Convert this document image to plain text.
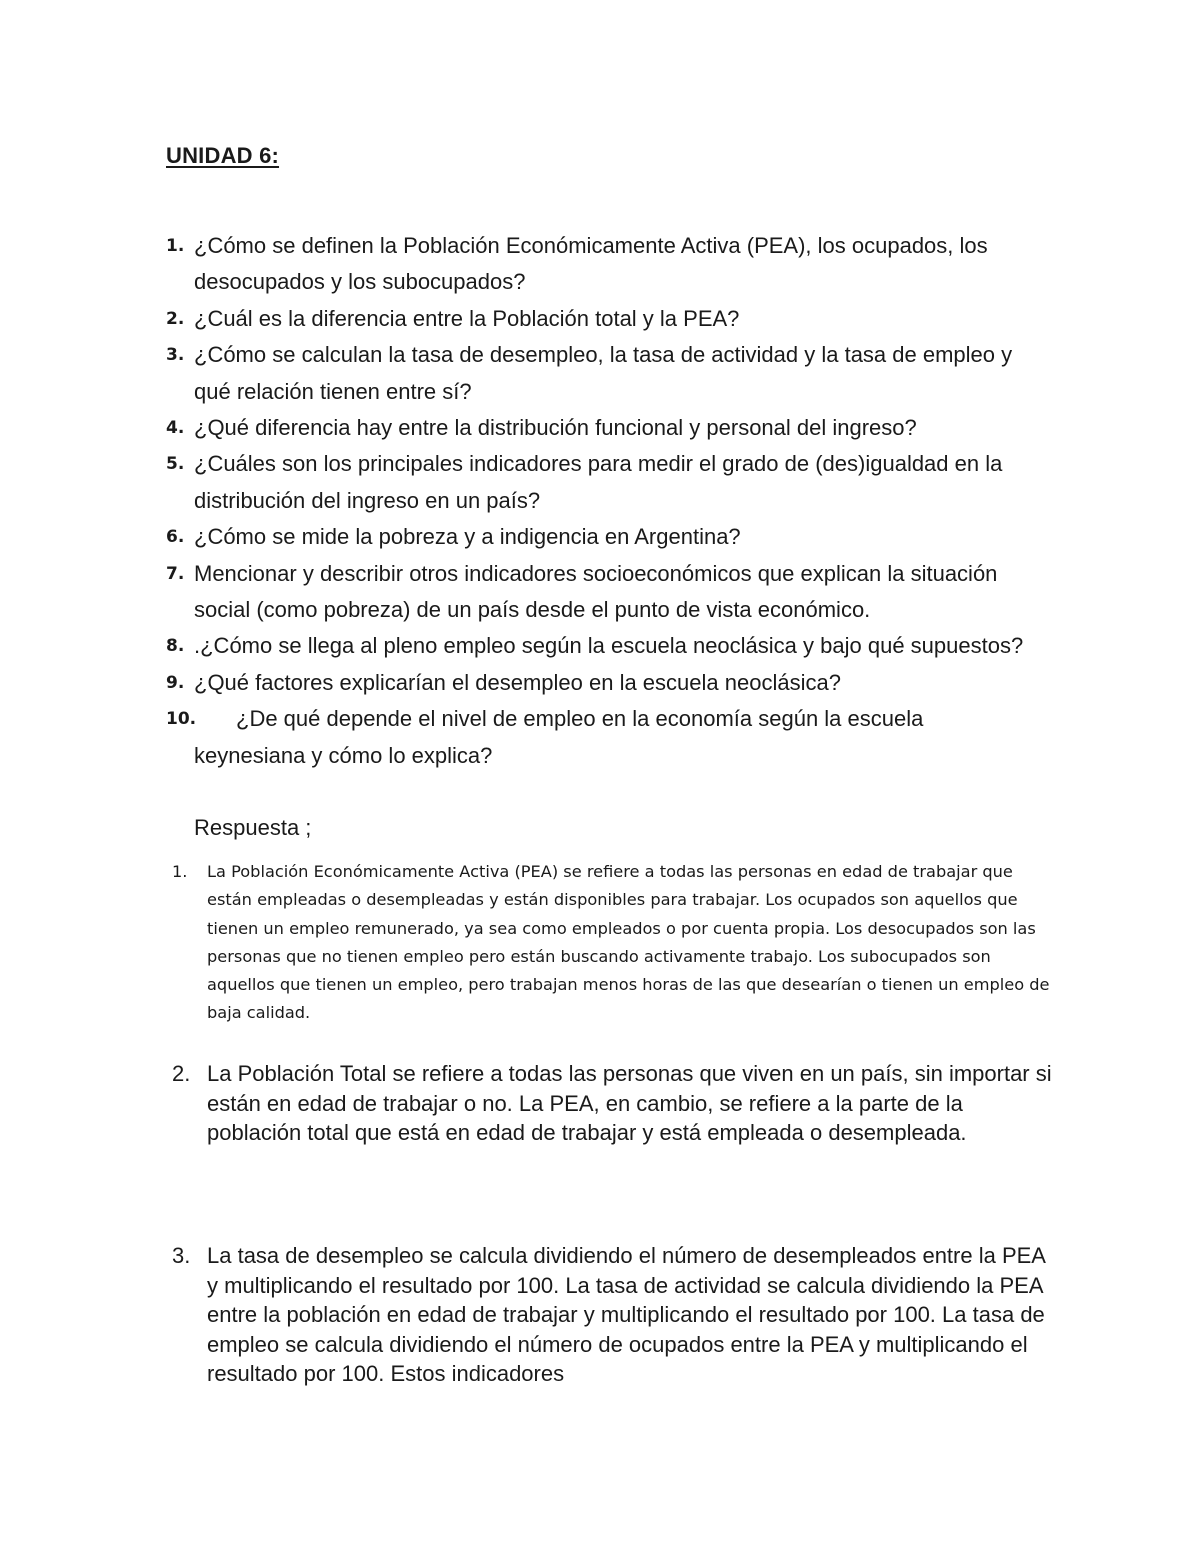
UNIDAD 6:
1. ¿Cómo se definen la Población Económicamente Activa (PEA), los ocupados, los desocupados y los subocupados?
2. ¿Cuál es la diferencia entre la Población total y la PEA?
3. ¿Cómo se calculan la tasa de desempleo, la tasa de actividad y la tasa de empleo y qué relación tienen entre sí?
4. ¿Qué diferencia hay entre la distribución funcional y personal del ingreso?
5. ¿Cuáles son los principales indicadores para medir el grado de (des)igualdad en la distribución del ingreso en un país?
6. ¿Cómo se mide la pobreza y a indigencia en Argentina?
7. Mencionar y describir otros indicadores socioeconómicos que explican la situación social (como pobreza) de un país desde el punto de vista económico.
8. .¿Cómo se llega al pleno empleo según la escuela neoclásica y bajo qué supuestos?
9. ¿Qué factores explicarían el desempleo en la escuela neoclásica?
10. ¿De qué depende el nivel de empleo en la economía según la escuela
keynesiana y cómo lo explica?
Respuesta ;
1. La Población Económicamente Activa (PEA) se refiere a todas las personas en edad de trabajar que están empleadas o desempleadas y están disponibles para trabajar. Los ocupados son aquellos que tienen un empleo remunerado, ya sea como empleados o por cuenta propia. Los desocupados son las personas que no tienen empleo pero están buscando activamente trabajo. Los subocupados son aquellos que tienen un empleo, pero trabajan menos horas de las que desearían o tienen un empleo de baja calidad.
2. La Población Total se refiere a todas las personas que viven en un país, sin importar si están en edad de trabajar o no. La PEA, en cambio, se refiere a la parte de la población total que está en edad de trabajar y está empleada o desempleada.
3. La tasa de desempleo se calcula dividiendo el número de desempleados entre la PEA y multiplicando el resultado por 100. La tasa de actividad se calcula dividiendo la PEA entre la población en edad de trabajar y multiplicando el resultado por 100. La tasa de empleo se calcula dividiendo el número de ocupados entre la PEA y multiplicando el resultado por 100. Estos indicadores
